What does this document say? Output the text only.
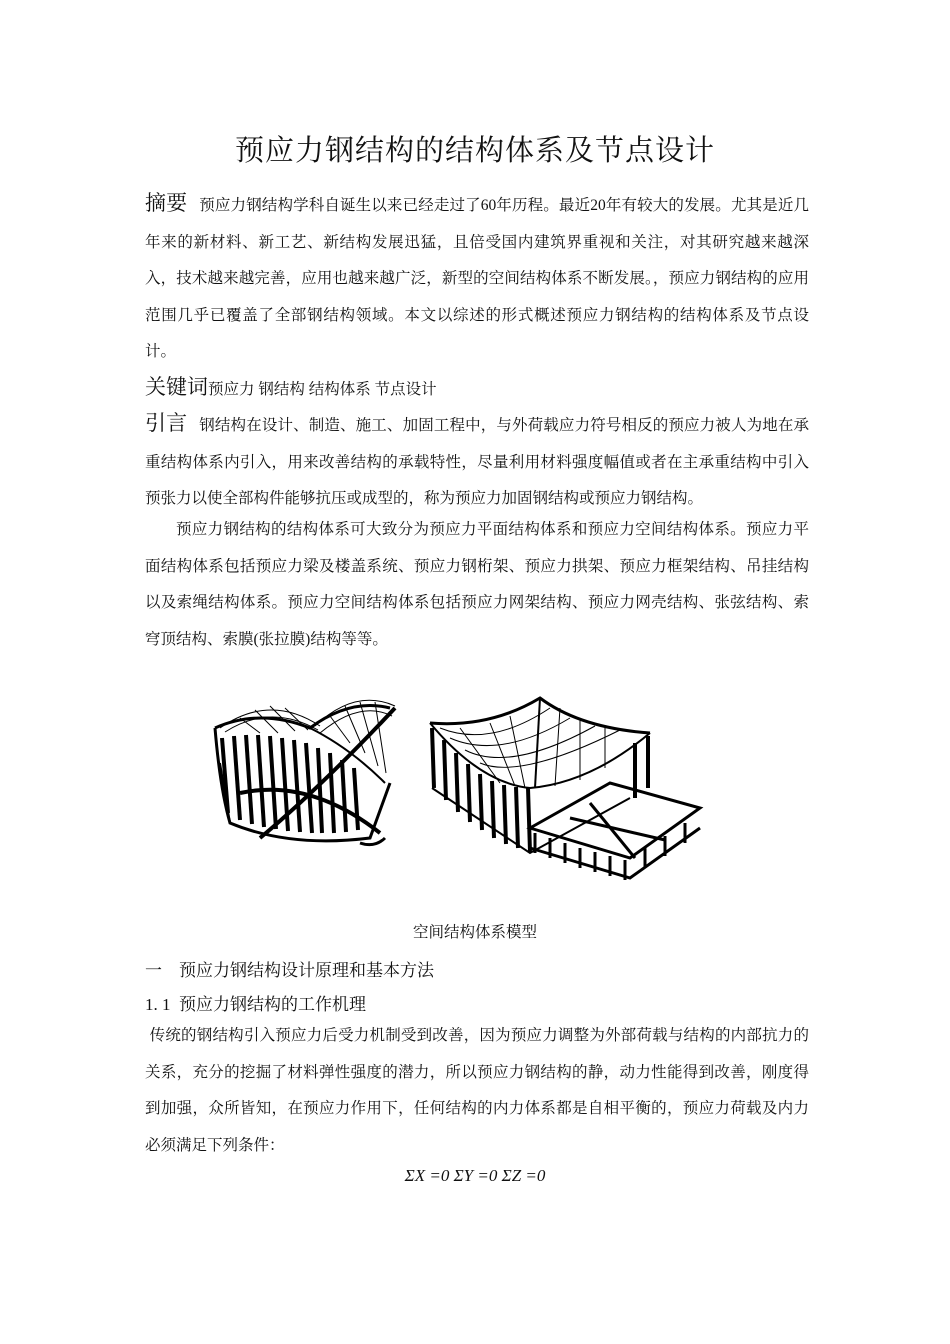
预应力钢结构的结构体系及节点设计

摘要 预应力钢结构学科自诞生以来已经走过了60年历程。最近20年有较大的发展。尤其是近几年来的新材料、新工艺、新结构发展迅猛，且倍受国内建筑界重视和关注，对其研究越来越深入，技术越来越完善，应用也越来越广泛，新型的空间结构体系不断发展。，预应力钢结构的应用范围几乎已覆盖了全部钢结构领域。本文以综述的形式概述预应力钢结构的结构体系及节点设计。

关键词预应力 钢结构 结构体系 节点设计

引言 钢结构在设计、制造、施工、加固工程中，与外荷载应力符号相反的预应力被人为地在承重结构体系内引入，用来改善结构的承载特性，尽量利用材料强度幅值或者在主承重结构中引入预张力以使全部构件能够抗压或成型的，称为预应力加固钢结构或预应力钢结构。

预应力钢结构的结构体系可大致分为预应力平面结构体系和预应力空间结构体系。预应力平面结构体系包括预应力梁及楼盖系统、预应力钢桁架、预应力拱架、预应力框架结构、吊挂结构以及索绳结构体系。预应力空间结构体系包括预应力网架结构、预应力网壳结构、张弦结构、索穹顶结构、索膜(张拉膜)结构等等。

空间结构体系模型
一 预应力钢结构设计原理和基本方法
1. 1 预应力钢结构的工作机理

传统的钢结构引入预应力后受力机制受到改善，因为预应力调整为外部荷载与结构的内部抗力的关系，充分的挖掘了材料弹性强度的潜力，所以预应力钢结构的静，动力性能得到改善，刚度得到加强，众所皆知，在预应力作用下，任何结构的内力体系都是自相平衡的，预应力荷载及内力必须满足下列条件：

ΣX =0 ΣY =0 ΣZ =0
